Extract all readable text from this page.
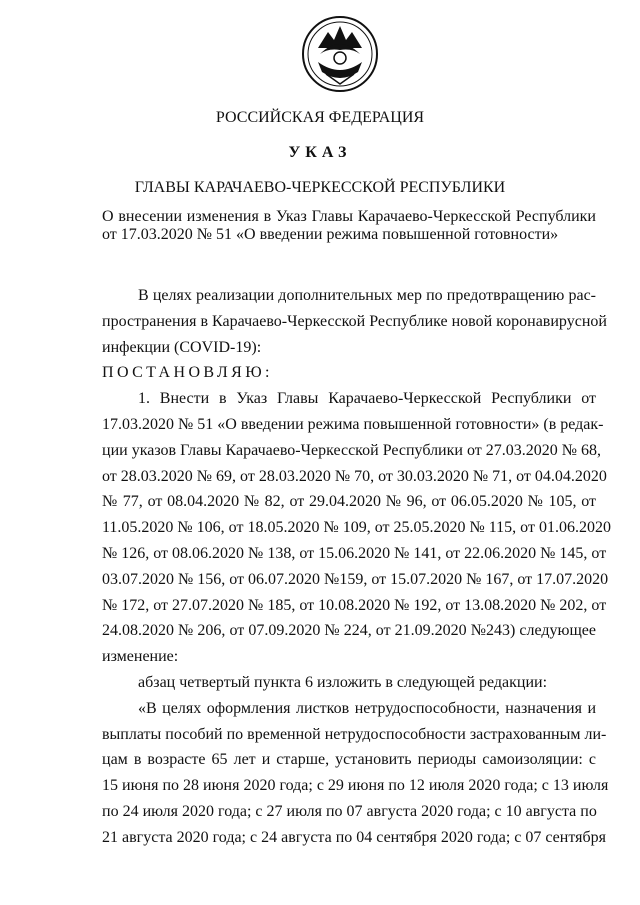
РОССИЙСКАЯ ФЕДЕРАЦИЯ
УКАЗ
ГЛАВЫ КАРАЧАЕВО-ЧЕРКЕССКОЙ РЕСПУБЛИКИ
О внесении изменения в Указ Главы Карачаево-Черкесской Республики от 17.03.2020 № 51 «О введении режима повышенной готовности»
В целях реализации дополнительных мер по предотвращению рас-
пространения в Карачаево-Черкесской Республике новой коронавирусной
инфекции (COVID-19):
ПОСТАНОВЛЯЮ:
1. Внести в Указ Главы Карачаево-Черкесской Республики от
17.03.2020 № 51 «О введении режима повышенной готовности» (в редак-
ции указов Главы Карачаево-Черкесской Республики от 27.03.2020 № 68,
от 28.03.2020 № 69, от 28.03.2020 № 70, от 30.03.2020 № 71, от 04.04.2020
№ 77, от 08.04.2020 № 82, от 29.04.2020 № 96, от 06.05.2020 № 105, от
11.05.2020 № 106, от 18.05.2020 № 109, от 25.05.2020 № 115, от 01.06.2020
№ 126, от 08.06.2020 № 138, от 15.06.2020 № 141, от 22.06.2020 № 145, от
03.07.2020 № 156, от 06.07.2020 №159, от 15.07.2020 № 167, от 17.07.2020
№ 172, от 27.07.2020 № 185, от 10.08.2020 № 192, от 13.08.2020 № 202, от
24.08.2020 № 206, от 07.09.2020 № 224, от 21.09.2020 №243) следующее
изменение:
абзац четвертый пункта 6 изложить в следующей редакции:
«В целях оформления листков нетрудоспособности, назначения и
выплаты пособий по временной нетрудоспособности застрахованным ли-
цам в возрасте 65 лет и старше, установить периоды самоизоляции: с
15 июня по 28 июня 2020 года; с 29 июня по 12 июля 2020 года; с 13 июля
по 24 июля 2020 года; с 27 июля по 07 августа 2020 года; с 10 августа по
21 августа 2020 года; с 24 августа по 04 сентября 2020 года; с 07 сентября
